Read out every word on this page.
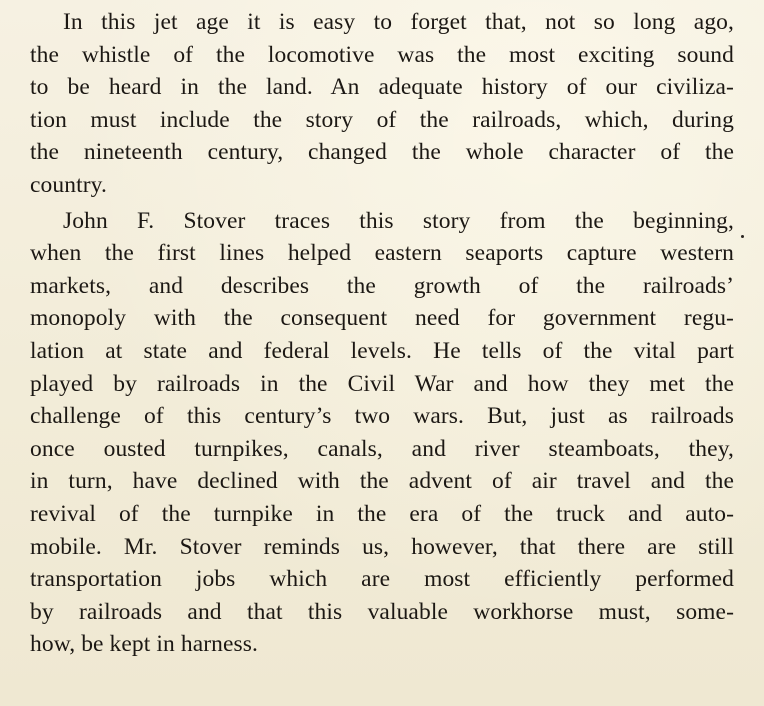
In this jet age it is easy to forget that, not so long ago,
the whistle of the locomotive was the most exciting sound
to be heard in the land. An adequate history of our civiliza-
tion must include the story of the railroads, which, during
the nineteenth century, changed the whole character of the
country.
John F. Stover traces this story from the beginning,
when the first lines helped eastern seaports capture western
markets, and describes the growth of the railroads’
monopoly with the consequent need for government regu-
lation at state and federal levels. He tells of the vital part
played by railroads in the Civil War and how they met the
challenge of this century’s two wars. But, just as railroads
once ousted turnpikes, canals, and river steamboats, they,
in turn, have declined with the advent of air travel and the
revival of the turnpike in the era of the truck and auto-
mobile. Mr. Stover reminds us, however, that there are still
transportation jobs which are most efficiently performed
by railroads and that this valuable workhorse must, some-
how, be kept in harness.
